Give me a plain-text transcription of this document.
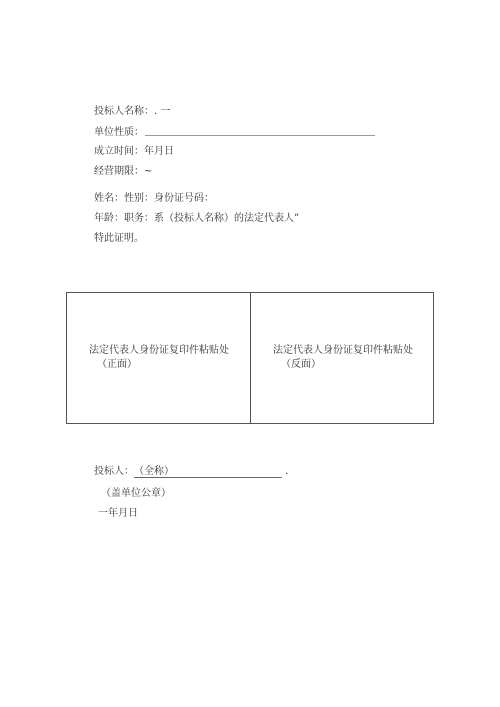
投标人名称：. 一
单位性质：
成立时间：年月日
经营期限：~
姓名：性别：身份证号码：
年龄：职务：系（投标人名称）的法定代表人”
特此证明。
法定代表人身份证复印件粘贴处
（正面）
法定代表人身份证复印件粘贴处
（反面）
投标人：（全称）	.
（盖单位公章）
一年月日
